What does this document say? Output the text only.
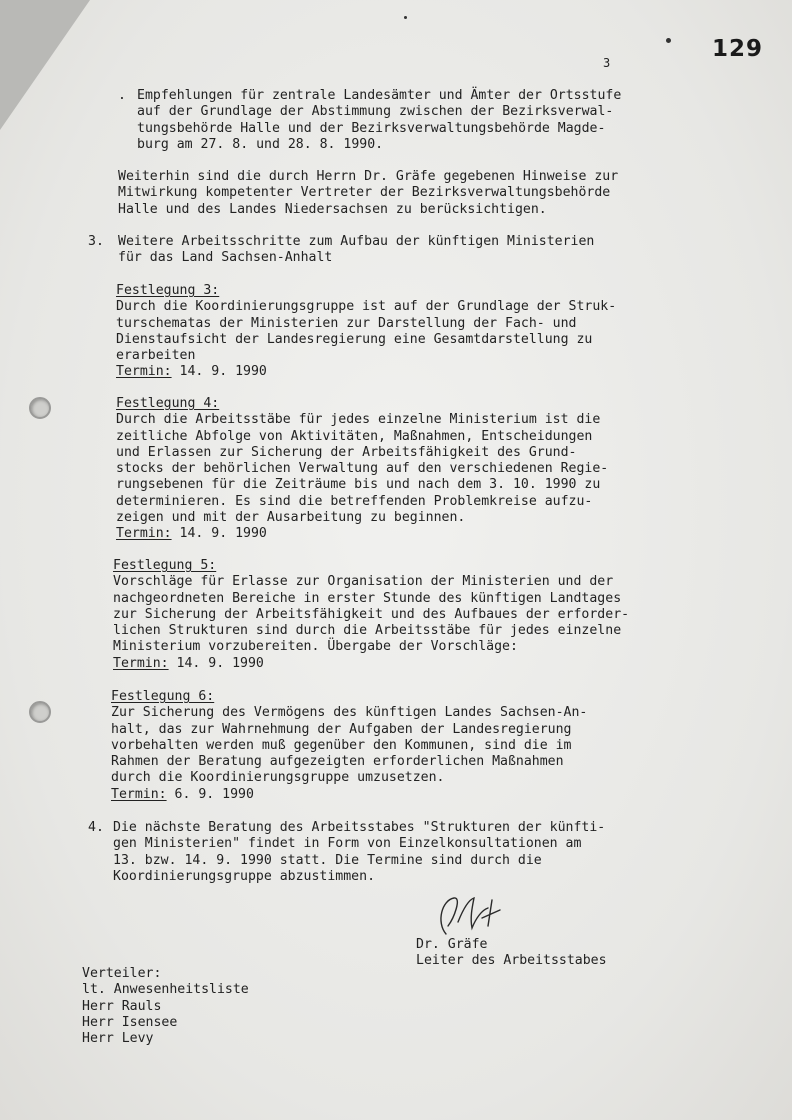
129
3
. Empfehlungen für zentrale Landesämter und Ämter der Ortsstufe
auf der Grundlage der Abstimmung zwischen der Bezirksverwal-
tungsbehörde Halle und der Bezirksverwaltungsbehörde Magde-
burg am 27. 8. und 28. 8. 1990.
Weiterhin sind die durch Herrn Dr. Gräfe gegebenen Hinweise zur
Mitwirkung kompetenter Vertreter der Bezirksverwaltungsbehörde
Halle und des Landes Niedersachsen zu berücksichtigen.
3. Weitere Arbeitsschritte zum Aufbau der künftigen Ministerien
für das Land Sachsen-Anhalt
Festlegung 3:
Durch die Koordinierungsgruppe ist auf der Grundlage der Struk-
turschematas der Ministerien zur Darstellung der Fach- und
Dienstaufsicht der Landesregierung eine Gesamtdarstellung zu
erarbeiten
Termin: 14. 9. 1990
Festlegung 4:
Durch die Arbeitsstäbe für jedes einzelne Ministerium ist die
zeitliche Abfolge von Aktivitäten, Maßnahmen, Entscheidungen
und Erlassen zur Sicherung der Arbeitsfähigkeit des Grund-
stocks der behörlichen Verwaltung auf den verschiedenen Regie-
rungsebenen für die Zeiträume bis und nach dem 3. 10. 1990 zu
determinieren. Es sind die betreffenden Problemkreise aufzu-
zeigen und mit der Ausarbeitung zu beginnen.
Termin: 14. 9. 1990
Festlegung 5:
Vorschläge für Erlasse zur Organisation der Ministerien und der
nachgeordneten Bereiche in erster Stunde des künftigen Landtages
zur Sicherung der Arbeitsfähigkeit und des Aufbaues der erforder-
lichen Strukturen sind durch die Arbeitsstäbe für jedes einzelne
Ministerium vorzubereiten. Übergabe der Vorschläge:
Termin: 14. 9. 1990
Festlegung 6:
Zur Sicherung des Vermögens des künftigen Landes Sachsen-An-
halt, das zur Wahrnehmung der Aufgaben der Landesregierung
vorbehalten werden muß gegenüber den Kommunen, sind die im
Rahmen der Beratung aufgezeigten erforderlichen Maßnahmen
durch die Koordinierungsgruppe umzusetzen.
Termin: 6. 9. 1990
4. Die nächste Beratung des Arbeitsstabes "Strukturen der künfti-
gen Ministerien" findet in Form von Einzelkonsultationen am
13. bzw. 14. 9. 1990 statt. Die Termine sind durch die
Koordinierungsgruppe abzustimmen.
Dr. Gräfe
Leiter des Arbeitsstabes
Verteiler:
lt. Anwesenheitsliste
Herr Rauls
Herr Isensee
Herr Levy
